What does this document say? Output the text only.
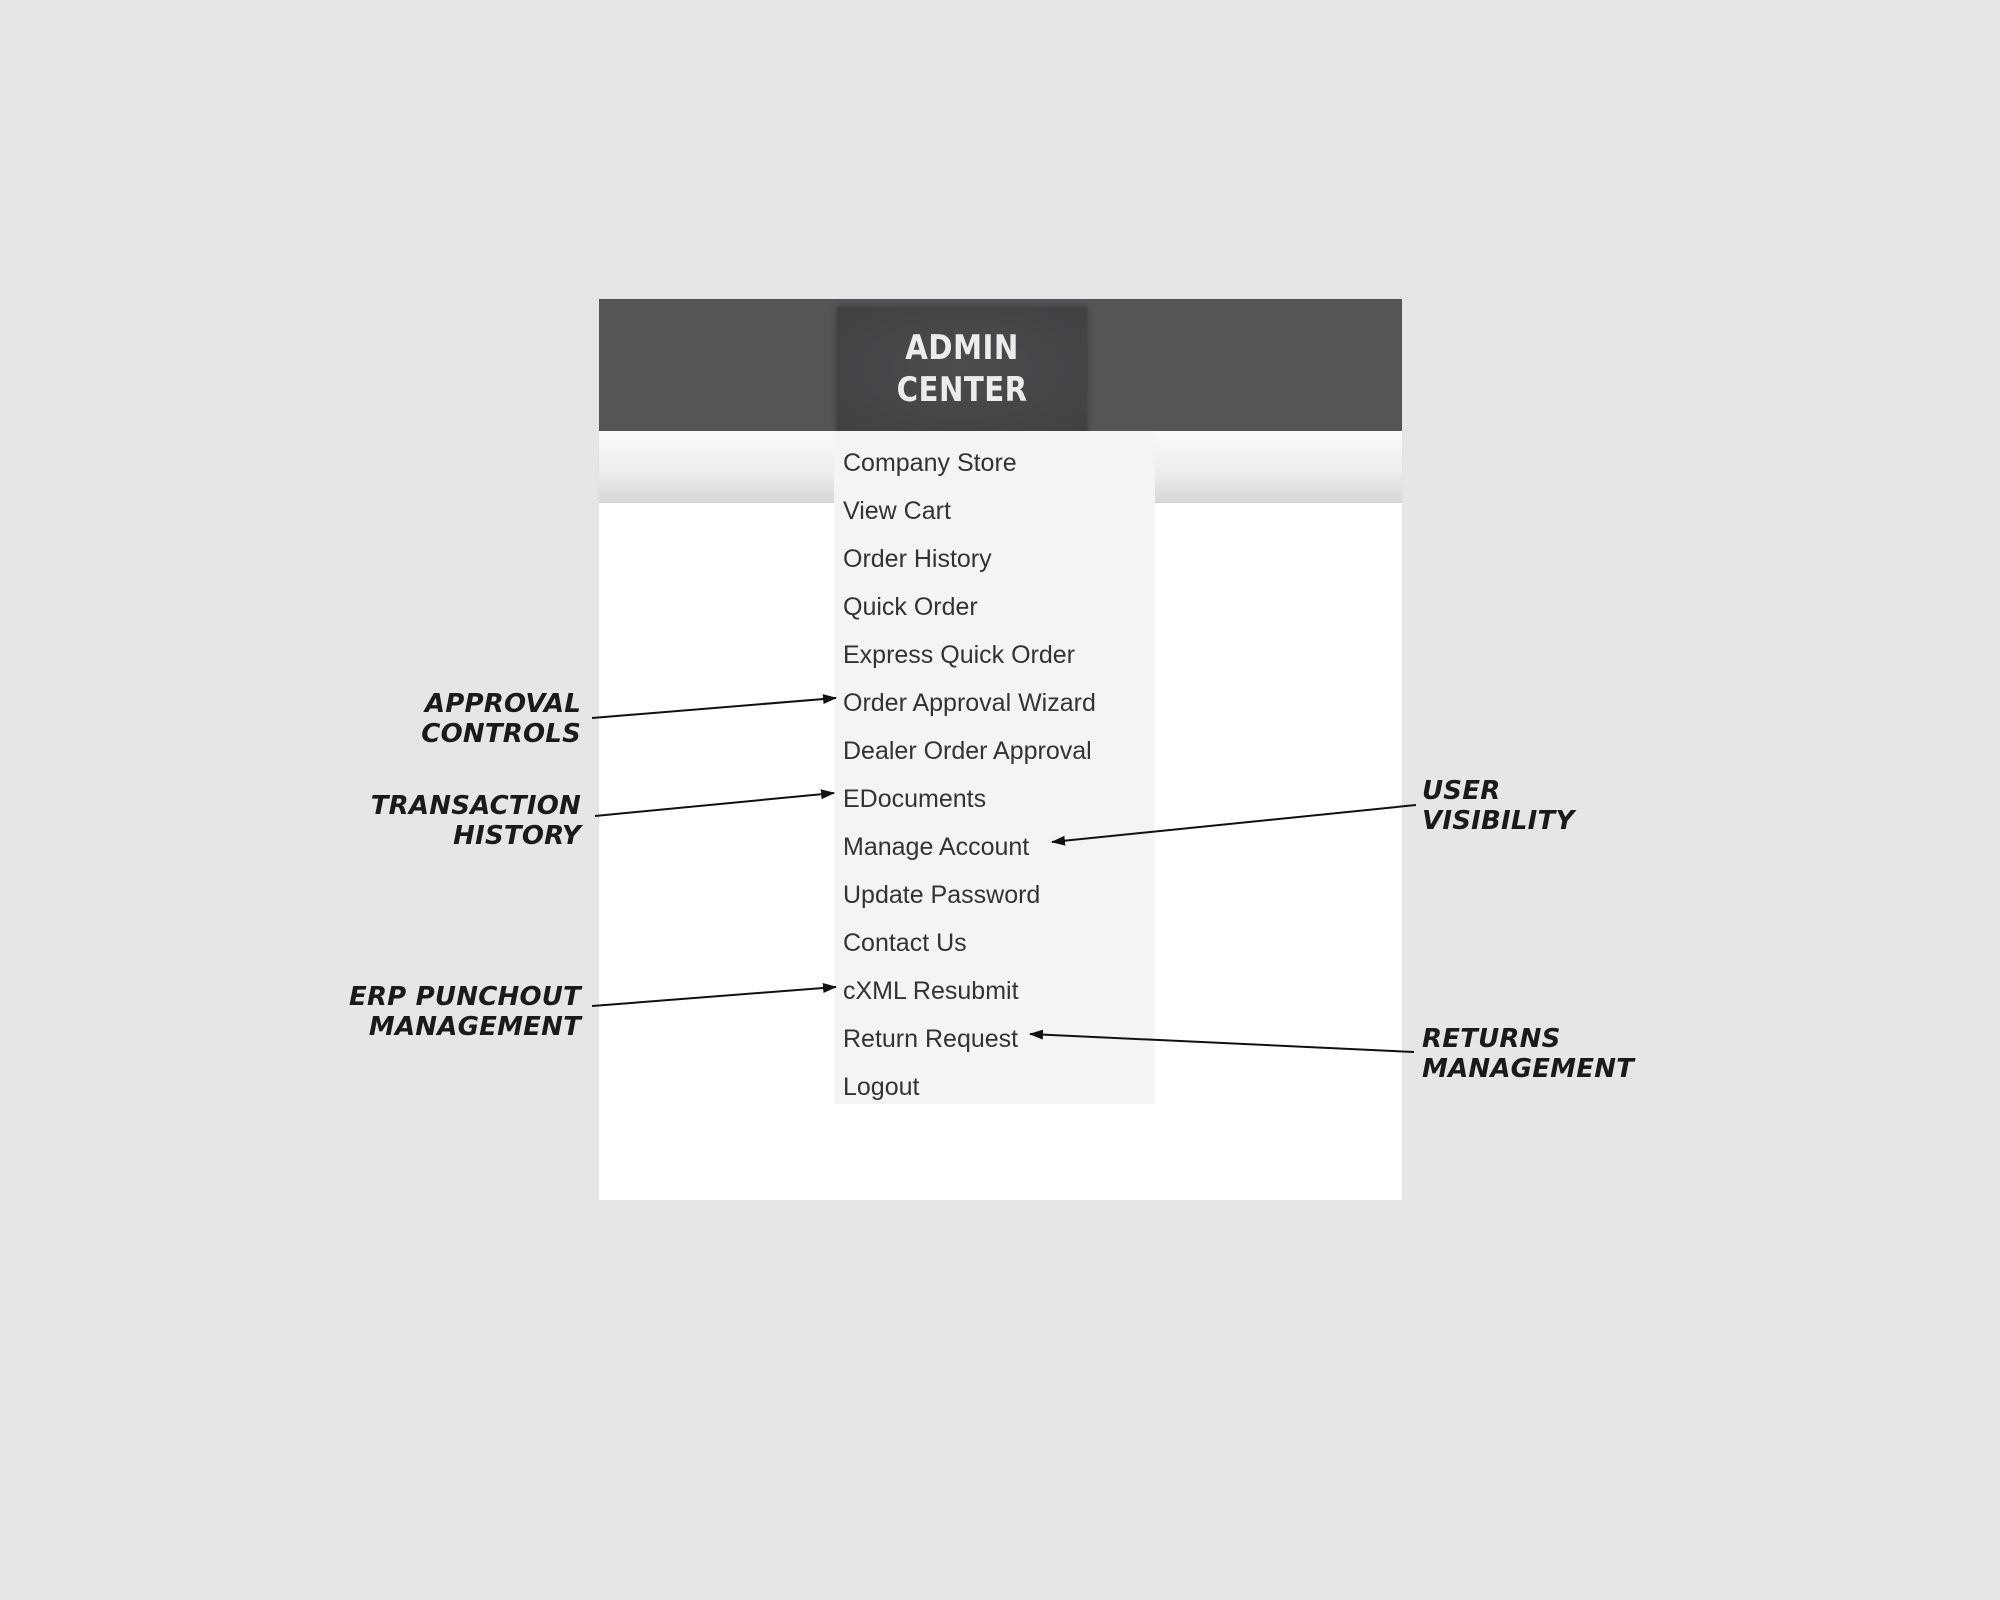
ADMIN
CENTER
Company Store
View Cart
Order History
Quick Order
Express Quick Order
Order Approval Wizard
Dealer Order Approval
EDocuments
Manage Account
Update Password
Contact Us
cXML Resubmit
Return Request
Logout
APPROVAL
CONTROLS
TRANSACTION
HISTORY
ERP PUNCHOUT
MANAGEMENT
USER
VISIBILITY
RETURNS
MANAGEMENT
